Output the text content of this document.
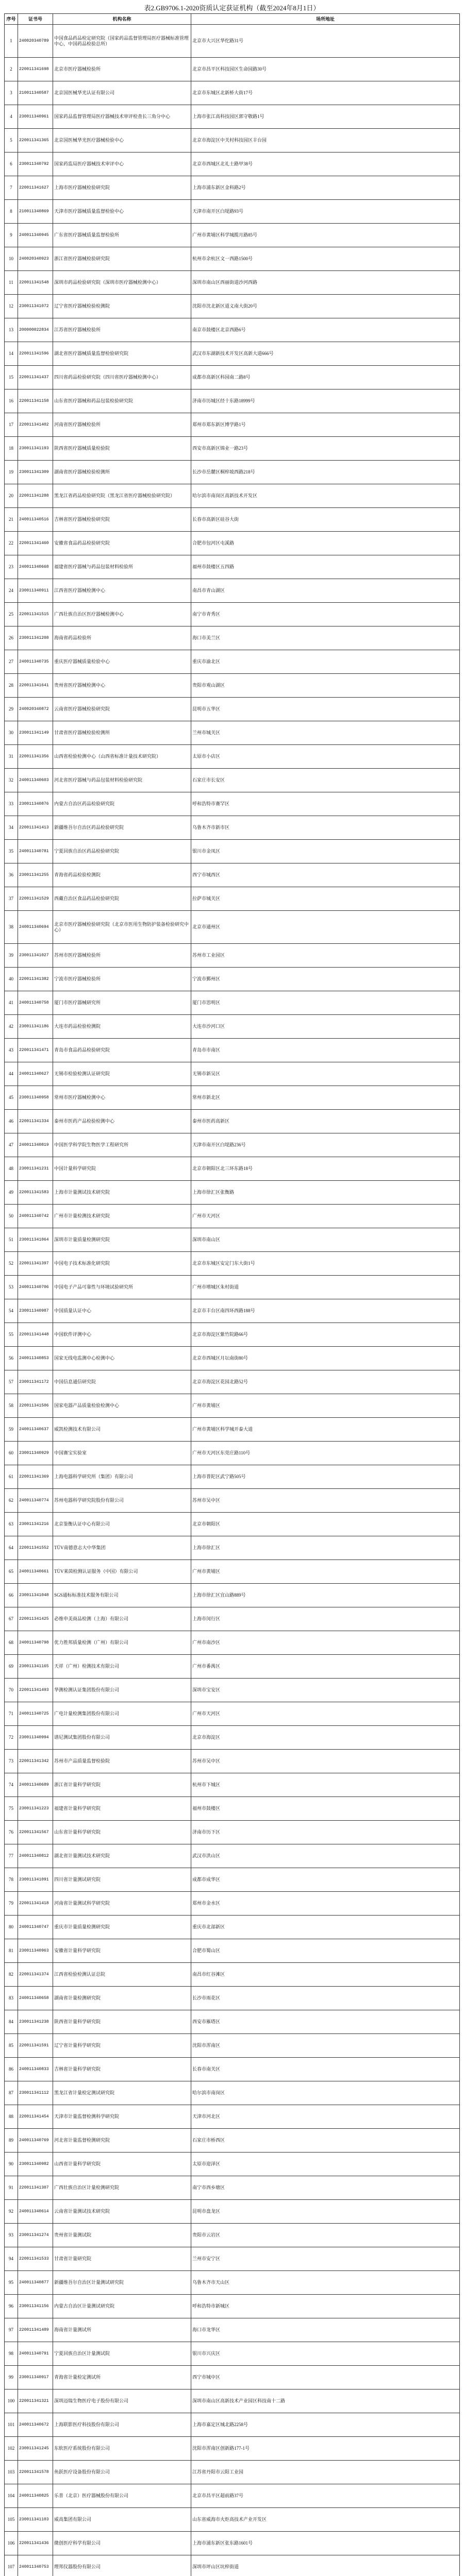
表2.GB9706.1-2020资质认定获证机构（截至2024年8月1日）
序号	证书号	机构名称	场所地址
1	240020340789	中国食品药品检定研究院（国家药品监督管理局医疗器械标准管理中心，中国药品检验总所）	北京市大兴区华佗路31号
2	220011341698	北京市医疗器械检验所	北京市昌平区科技园区生命园路30号
3	210011340587	北京国医械华光认证有限公司	北京市东城区北新桥大街17号
4	230011340961	国家药品监督管理局医疗器械技术审评检查长三角分中心	上海市张江高科技园区郭守敬路1号
5	220011341365	北京国医械华光医疗器械检验中心	北京市海淀区中关村科技园区丰台园
6	230011340792	国家药监局医疗器械技术审评中心	北京市西城区北礼士路甲38号
7	220011341627	上海市医疗器械检验研究院	上海市浦东新区金科路2号
8	210011340869	天津市医疗器械质量监督检验中心	天津市南开区白堤路93号
9	240011340945	广东省医疗器械质量监督检验所	广州市黄埔区科学城揽月路85号
10	240020340923	浙江省医疗器械检验研究院	杭州市余杭区文一西路1500号
11	220011341548	深圳市药品检验研究院（深圳市医疗器械检测中心）	深圳市南山区西丽街道沙河西路
12	230011341072	辽宁省医疗器械检验检测院	沈阳市沈北新区道义南大街20号
13	200000022834	江苏省医疗器械检验所	南京市鼓楼区北京西路6号
14	220011341596	湖北省医疗器械质量监督检验研究院	武汉市东湖新技术开发区高新大道666号
15	220011341437	四川省药品检验研究院（四川省医疗器械检测中心）	成都市高新区科园南二路8号
16	220011341158	山东省医疗器械和药品包装检验研究院	济南市历城区经十东路18999号
17	220011341402	河南省医疗器械检验所	郑州市郑东新区博学路1号
18	230011341193	陕西省医疗器械质量检验院	西安市高新区锦业一路23号
19	230011341309	湖南省医疗器械检验检测所	长沙市岳麓区桐梓坡西路218号
20	220011341288	黑龙江省药品检验研究院（黑龙江省医疗器械检验研究院）	哈尔滨市南岗区高新技术开发区
21	240011340516	吉林省医疗器械检验研究院	长春市高新区硅谷大街
22	220011341460	安徽省食品药品检验研究院	合肥市包河区屯溪路
23	240011340668	福建省医疗器械与药品包装材料检验所	福州市鼓楼区五四路
24	230011340911	江西省医疗器械检测中心	南昌市青山湖区
25	220011341515	广西壮族自治区医疗器械检测中心	南宁市青秀区
26	230011341208	海南省药品检验所	海口市美兰区
27	240011340735	重庆医疗器械质量检验中心	重庆市渝北区
28	220011341641	贵州省医疗器械检测中心	贵阳市观山湖区
29	240020340872	云南省医疗器械检验研究院	昆明市五华区
30	230011341149	甘肃省医疗器械检验检测所	兰州市城关区
31	220011341356	山西省检验检测中心（山西省标准计量技术研究院）	太原市小店区
32	240011340603	河北省医疗器械与药品包装材料检验研究院	石家庄市长安区
33	230011340876	内蒙古自治区药品检验研究院	呼和浩特市赛罕区
34	220011341413	新疆维吾尔自治区药品检验研究院	乌鲁木齐市新市区
35	240011340781	宁夏回族自治区药品检验研究院	银川市金凤区
36	230011341255	青海省药品检验检测院	西宁市城西区
37	220011341529	西藏自治区食品药品检验研究院	拉萨市城关区
38	240011340694	北京市医疗器械检验研究院（北京市医用生物防护装备检验研究中心）	北京市通州区
39	230011341027	苏州市医疗器械检验所	苏州市工业园区
40	220011341382	宁波市医疗器械检验所	宁波市鄞州区
41	240011340758	厦门市医疗器械研究所	厦门市思明区
42	230011341186	大连市药品检验检测院	大连市沙河口区
43	220011341471	青岛市食品药品检验研究院	青岛市市南区
44	240011340627	无锡市检验检测认证研究院	无锡市新吴区
45	230011340958	常州市医疗器械检测中心	常州市新北区
46	220011341334	泰州市医药产品检验检测中心	泰州市医药高新区
47	240011340819	中国医学科学院生物医学工程研究所	天津市南开区白堤路236号
48	230011341231	中国计量科学研究院	北京市朝阳区北三环东路18号
49	220011341583	上海市计量测试技术研究院	上海市徐汇区张衡路
50	240011340742	广州市计量检测技术研究院	广州市天河区
51	230011341064	深圳市计量质量检测研究院	深圳市南山区
52	220011341397	中国电子技术标准化研究院	北京市东城区安定门东大街1号
53	240011340706	中国电子产品可靠性与环境试验研究所	广州市增城区朱村街道
54	230011340987	中国质量认证中心	北京市丰台区南四环西路188号
55	220011341448	中国软件评测中心	北京市海淀区紫竹院路66号
56	240011340853	国家无线电监测中心检测中心	北京市西城区月坛南街80号
57	230011341172	中国信息通信研究院	北京市海淀区花园北路52号
58	220011341506	国家电器产品质量检验检测中心	广州市黄埔区
59	240011340637	威凯检测技术有限公司	广州市黄埔区科学城开泰大道
60	230011340929	中国赛宝实验室	广州市天河区东莞庄路110号
61	220011341369	上海电器科学研究所（集团）有限公司	上海市普陀区武宁路505号
62	240011340774	苏州电器科学研究院股份有限公司	苏州市吴中区
63	230011341216	北京鉴衡认证中心有限公司	北京市朝阳区
64	220011341552	TÜV南德意志大中华集团	上海市徐汇区
65	240011340661	TÜV莱茵检测认证服务（中国）有限公司	广州市黄埔区
66	230011341048	SGS通标标准技术服务有限公司	上海市徐汇区宜山路889号
67	220011341425	必维申美商品检测（上海）有限公司	上海市闵行区
68	240011340798	优力胜邦质量检测（广州）有限公司	广州市南沙区
69	230011341165	天祥（广州）检测技术有限公司	广州市番禺区
70	220011341493	华测检测认证集团股份有限公司	深圳市宝安区
71	240011340725	广电计量检测集团股份有限公司	广州市天河区
72	230011340994	谱尼测试集团股份有限公司	北京市海淀区
73	220011341342	苏州市产品质量监督检验院	苏州市吴中区
74	240011340689	浙江省计量科学研究院	杭州市下城区
75	230011341223	福建省计量科学研究院	福州市鼓楼区
76	220011341567	山东省计量科学研究院	济南市历下区
77	240011340812	湖北省计量测试技术研究院	武汉市洪山区
78	230011341091	四川省计量测试研究院	成都市成华区
79	220011341418	河南省计量测试科学研究院	郑州市金水区
80	240011340747	重庆市计量质量检测研究院	重庆市北部新区
81	230011340963	安徽省计量科学研究院	合肥市蜀山区
82	220011341374	江西省检验检测认证总院	南昌市红谷滩区
83	240011340658	湖南省计量检测研究院	长沙市雨花区
84	230011341238	陕西省计量科学研究院	西安市雁塔区
85	220011341591	辽宁省计量科学研究院	沈阳市浑南区
86	240011340833	吉林省计量科学研究院	长春市南关区
87	230011341112	黑龙江省计量检定测试研究院	哈尔滨市南岗区
88	220011341454	天津市计量监督检测科学研究院	天津市河北区
89	240011340769	河北省计量监督检测研究院	石家庄市桥西区
90	230011340982	山西省计量科学研究院	太原市迎泽区
91	220011341307	广西壮族自治区计量检测研究院	南宁市西乡塘区
92	240011340614	云南省计量测试技术研究院	昆明市盘龙区
93	230011341274	贵州省计量测试院	贵阳市云岩区
94	220011341533	甘肃省计量研究院	兰州市安宁区
95	240011340877	新疆维吾尔自治区计量测试研究院	乌鲁木齐市天山区
96	230011341156	内蒙古自治区计量测试研究院	呼和浩特市新城区
97	220011341489	海南省计量测试所	海口市龙华区
98	240011340791	宁夏回族自治区计量测试院	银川市兴庆区
99	230011340917	青海省计量检定测试所	西宁市城中区
100	220011341321	深圳迈瑞生物医疗电子股份有限公司	深圳市南山区高新技术产业园区科技南十二路
101	240011340672	上海联影医疗科技股份有限公司	上海市嘉定区城北路2258号
102	230011341245	东软医疗系统股份有限公司	沈阳市浑南区创新路177-1号
103	220011341578	鱼跃医疗设备股份有限公司	江苏省丹阳市云阳工业园
104	240011340825	乐普（北京）医疗器械股份有限公司	北京市昌平区超前路37号
105	230011341103	威高集团有限公司	山东省威海市火炬高技术产业开发区
106	220011341436	微创医疗科学有限公司	上海市浦东新区张东路1601号
107	240011340753	理邦仪器股份有限公司	深圳市坪山区坑梓街道
